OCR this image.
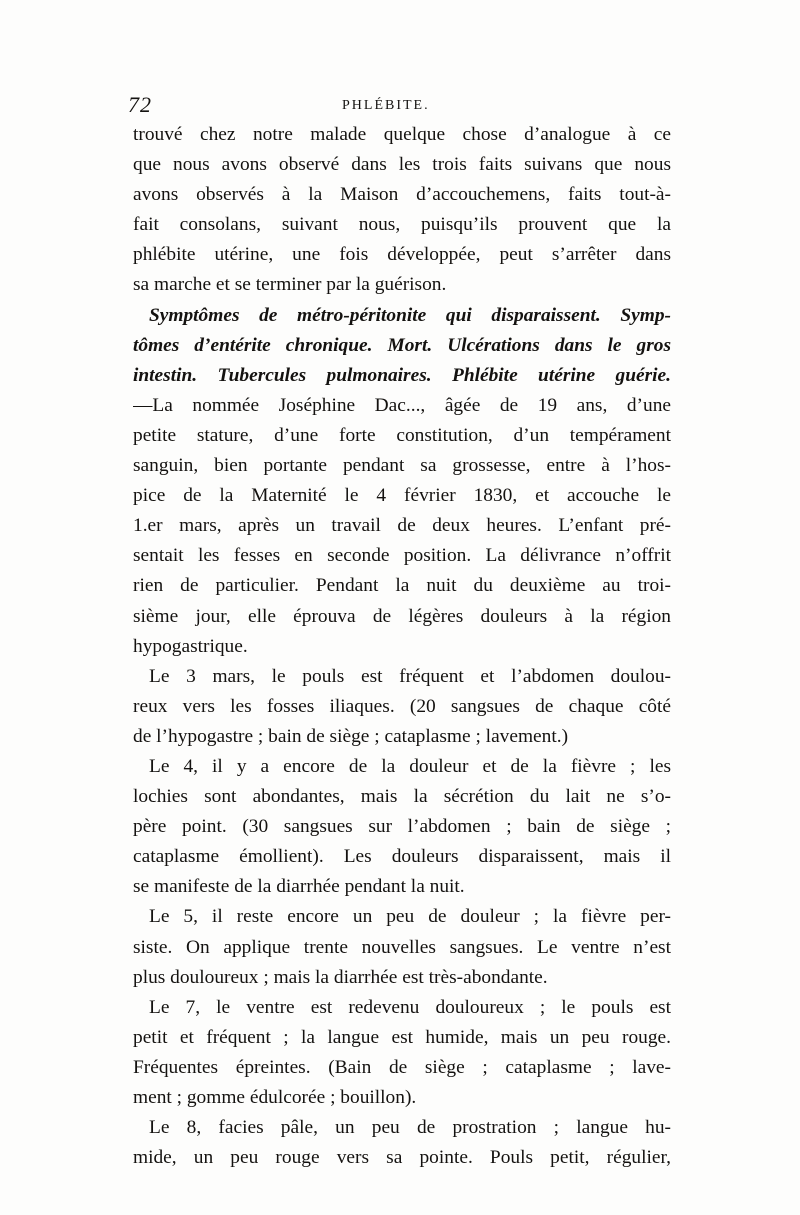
72	PHLÉBITE.
trouvé chez notre malade quelque chose d’analogue à ce
que nous avons observé dans les trois faits suivans que nous
avons observés à la Maison d’accouchemens, faits tout-à-
fait consolans, suivant nous, puisqu’ils prouvent que la
phlébite utérine, une fois développée, peut s’arrêter dans
sa marche et se terminer par la guérison.
Symptômes de métro-péritonite qui disparaissent. Symp-
tômes d’entérite chronique. Mort. Ulcérations dans le gros
intestin. Tubercules pulmonaires. Phlébite utérine guérie.
—La nommée Joséphine Dac..., âgée de 19 ans, d’une
petite stature, d’une forte constitution, d’un tempérament
sanguin, bien portante pendant sa grossesse, entre à l’hos-
pice de la Maternité le 4 février 1830, et accouche le
1.er mars, après un travail de deux heures. L’enfant pré-
sentait les fesses en seconde position. La délivrance n’offrit
rien de particulier. Pendant la nuit du deuxième au troi-
sième jour, elle éprouva de légères douleurs à la région
hypogastrique.
Le 3 mars, le pouls est fréquent et l’abdomen doulou-
reux vers les fosses iliaques. (20 sangsues de chaque côté
de l’hypogastre ; bain de siège ; cataplasme ; lavement.)
Le 4, il y a encore de la douleur et de la fièvre ; les
lochies sont abondantes, mais la sécrétion du lait ne s’o-
père point. (30 sangsues sur l’abdomen ; bain de siège ;
cataplasme émollient). Les douleurs disparaissent, mais il
se manifeste de la diarrhée pendant la nuit.
Le 5, il reste encore un peu de douleur ; la fièvre per-
siste. On applique trente nouvelles sangsues. Le ventre n’est
plus douloureux ; mais la diarrhée est très-abondante.
Le 7, le ventre est redevenu douloureux ; le pouls est
petit et fréquent ; la langue est humide, mais un peu rouge.
Fréquentes épreintes. (Bain de siège ; cataplasme ; lave-
ment ; gomme édulcorée ; bouillon).
Le 8, facies pâle, un peu de prostration ; langue hu-
mide, un peu rouge vers sa pointe. Pouls petit, régulier,
